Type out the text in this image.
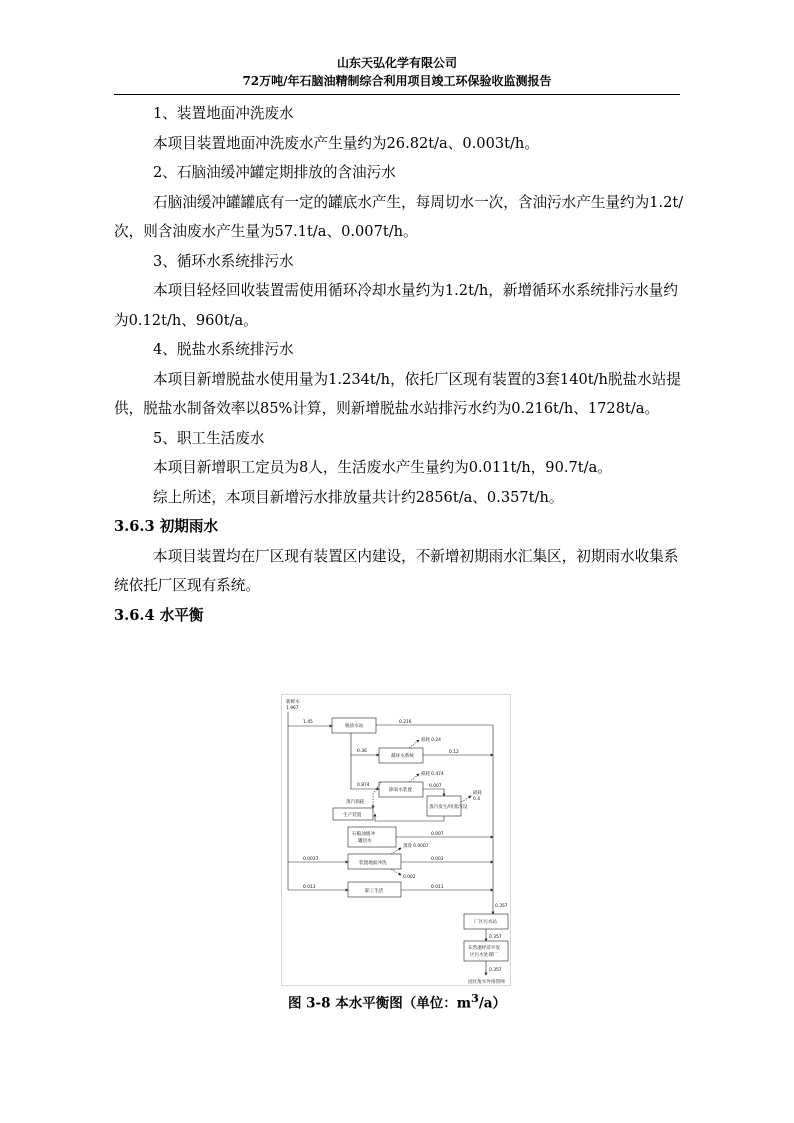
山东天弘化学有限公司
72万吨/年石脑油精制综合利用项目竣工环保验收监测报告

1、装置地面冲洗废水

本项目装置地面冲洗废水产生量约为26.82t/a、0.003t/h。

2、石脑油缓冲罐定期排放的含油污水

石脑油缓冲罐罐底有一定的罐底水产生，每周切水一次，含油污水产生量约为1.2t/次，则含油废水产生量为57.1t/a、0.007t/h。

3、循环水系统排污水

本项目轻烃回收装置需使用循环冷却水量约为1.2t/h，新增循环水系统排污水量约为0.12t/h、960t/a。

4、脱盐水系统排污水

本项目新增脱盐水使用量为1.234t/h，依托厂区现有装置的3套140t/h脱盐水站提供，脱盐水制备效率以85%计算，则新增脱盐水站排污水约为0.216t/h、1728t/a。

5、职工生活废水

本项目新增职工定员为8人，生活废水产生量约为0.011t/h，90.7t/a。

综上所述，本项目新增污水排放量共计约2856t/a、0.357t/h。

3.6.3 初期雨水

本项目装置均在厂区现有装置区内建设，不新增初期雨水汇集区，初期雨水收集系统依托厂区现有系统。

3.6.4 水平衡

新鲜水
1.967
脱盐水站
循环水系统
除氧水装置
蒸汽发生/用蒸汽设
生产装置
石脑油缓冲
罐切水
装置地面冲洗
职工生活
厂区污水站
东营港经济开发
区污水处理厂
园区废水外排管网
1.45	0.216
0.36
损耗 0.24
0.12
0.874
损耗 0.474
损耗
0.4
0.007
蒸汽损耗
0.007
0.0037
蒸发 0.0007
0.003
0.002
0.013	0.011
0.357
0.357
0.357
图 3-8 本水平衡图（单位：$m^3/a$）
